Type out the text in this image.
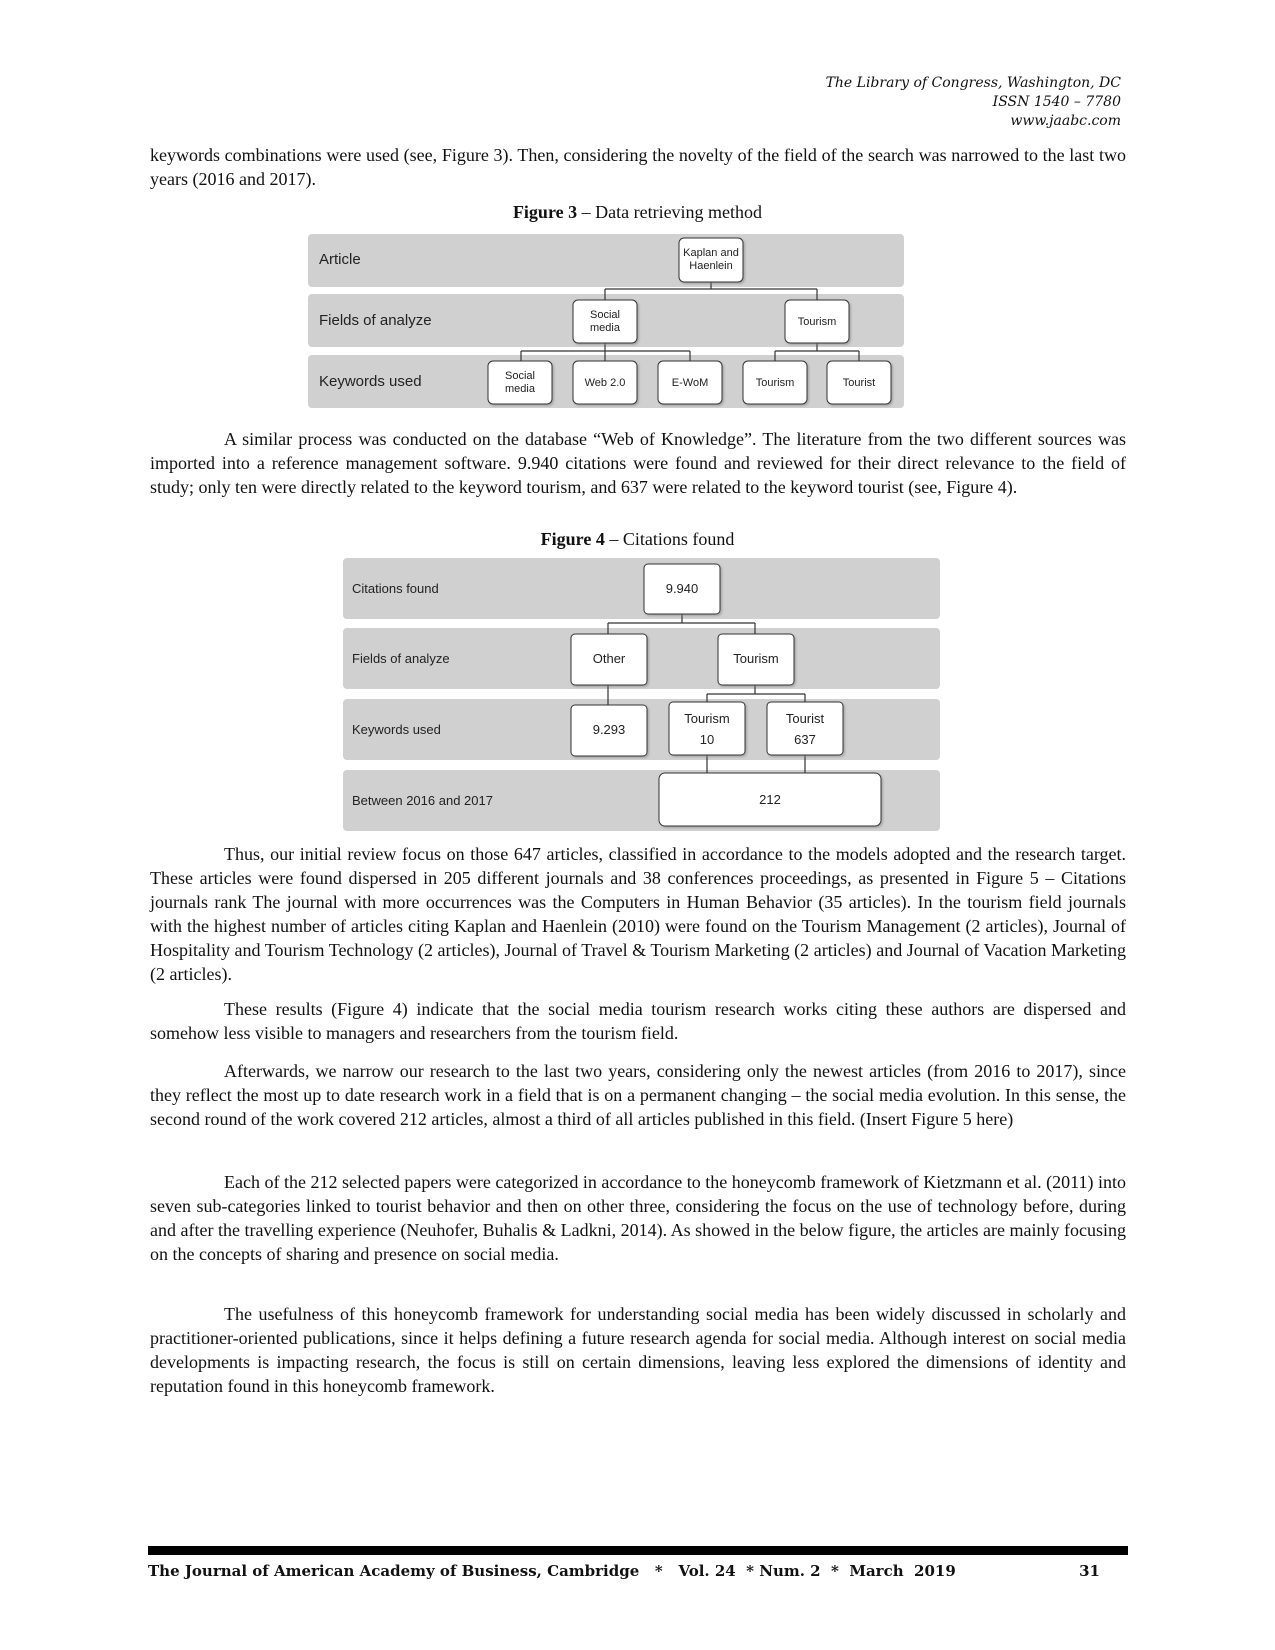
The Library of Congress, Washington, DC
ISSN 1540 – 7780
www.jaabc.com

keywords combinations were used (see, Figure 3). Then, considering the novelty of the field of the search was narrowed to the last two years (2016 and 2017).

Figure 3 – Data retrieving method
Article
Fields of analyze
Keywords used
Kaplan and
Haenlein
Social
media	Tourism
Social
media	Web 2.0	E-WoM	Tourism	Tourist

A similar process was conducted on the database “Web of Knowledge”. The literature from the two different sources was imported into a reference management software. 9.940 citations were found and reviewed for their direct relevance to the field of study; only ten were directly related to the keyword tourism, and 637 were related to the keyword tourist (see, Figure 4).

Figure 4 – Citations found
Citations found
Fields of analyze
Keywords used
Between 2016 and 2017
9.940
Other	Tourism
9.293
Tourism
10
Tourist
637
212

Thus, our initial review focus on those 647 articles, classified in accordance to the models adopted and the research target. These articles were found dispersed in 205 different journals and 38 conferences proceedings, as presented in Figure 5 – Citations journals rank The journal with more occurrences was the Computers in Human Behavior (35 articles). In the tourism field journals with the highest number of articles citing Kaplan and Haenlein (2010) were found on the Tourism Management (2 articles), Journal of Hospitality and Tourism Technology (2 articles), Journal of Travel & Tourism Marketing (2 articles) and Journal of Vacation Marketing (2 articles).

These results (Figure 4) indicate that the social media tourism research works citing these authors are dispersed and somehow less visible to managers and researchers from the tourism field.

Afterwards, we narrow our research to the last two years, considering only the newest articles (from 2016 to 2017), since they reflect the most up to date research work in a field that is on a permanent changing – the social media evolution. In this sense, the second round of the work covered 212 articles, almost a third of all articles published in this field. (Insert Figure 5 here)

Each of the 212 selected papers were categorized in accordance to the honeycomb framework of Kietzmann et al. (2011) into seven sub-categories linked to tourist behavior and then on other three, considering the focus on the use of technology before, during and after the travelling experience (Neuhofer, Buhalis & Ladkni, 2014). As showed in the below figure, the articles are mainly focusing on the concepts of sharing and presence on social media.

The usefulness of this honeycomb framework for understanding social media has been widely discussed in scholarly and practitioner-oriented publications, since it helps defining a future research agenda for social media. Although interest on social media developments is impacting research, the focus is still on certain dimensions, leaving less explored the dimensions of identity and reputation found in this honeycomb framework.

The Journal of American Academy of Business, Cambridge   *   Vol. 24  * Num. 2  *  March  2019	31
